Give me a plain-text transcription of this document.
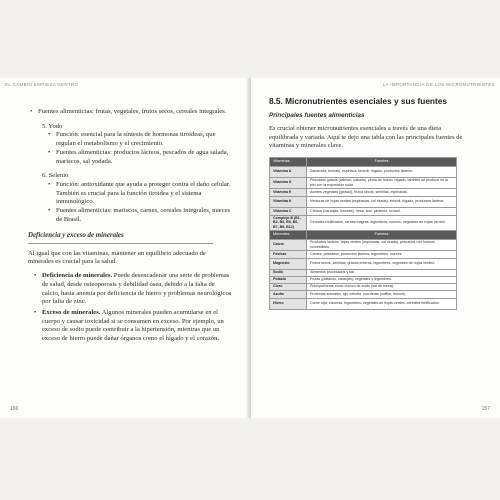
EL CAMBIO EMPIEZA DENTRO
• Fuentes alimenticias: frutas, vegetales, frutos secos, cereales integrales.

5. Yodo

• Función: esencial para la síntesis de hormonas tiroideas, que regulan el metabolismo y el crecimiento.
• Fuentes alimenticias: productos lácteos, pescados de agua salada, mariscos, sal yodada.

6. Selenio

• Función: antioxidante que ayuda a proteger contra el daño celular. También es crucial para la función tiroidea y el sistema inmunológico.
• Fuentes alimenticias: mariscos, carnes, cereales integrales, nueces de Brasil.

Deficiencia y exceso de minerales

Al igual que con las vitaminas, mantener un equilibrio adecuado de minerales es crucial para la salud.

• Deficiencia de minerales. Puede desencadenar una serie de problemas de salud, desde osteoporosis y debilidad ósea, debido a la falta de calcio, hasta anemia por deficiencia de hierro y problemas neurológicos por falta de zinc.
• Exceso de minerales. Algunos minerales pueden acumularse en el cuerpo y causar toxicidad si se consumen en exceso. Por ejemplo, un exceso de sodio puede contribuir a la hipertensión, mientras que un exceso de hierro puede dañar órganos como el hígado y el corazón.
156
LA IMPORTANCIA DE LOS MICRONUTRIENTES

8.5. Micronutrientes esenciales y sus fuentes

Principales fuentes alimenticias

Es crucial obtener micronutrientes esenciales a través de una dieta equilibrada y variada. Aquí te dejo una tabla con las principales fuentes de vitaminas y minerales clave.

Vitaminas	Fuentes
Vitamina A	Zanahoria, boniato, espinaca, brócoli, hígado, productos lácteos.
Vitamina D	Pescados grasos (salmón, caballa), yema de huevo, hígado, también se produce en la piel con la exposición solar.
Vitamina E	Aceites vegetales (girasol), frutos secos, semillas, espinacas.
Vitamina K	Verduras de hojas verdes (espinacas, col rizada), brócoli, hígado, productos lácteos.
Vitamina C	Cítricos (naranjas, limones), fresa, kiwi, pimiento, brócoli.
Complejo B (B1, B2, B3, B5, B6, B7, B9, B12)	Cereales fortificados, carnes magras, legumbres, nueces, vegetales de hojas verdes.
Minerales	Fuentes
Calcio	Productos lácteos, hojas verdes (espinacas, col rizada), pescados con huesos comestibles.
Fósforo	Carnes, pescados, productos lácteos, legumbres, nueces.
Magnesio	Frutos secos, semillas, granos enteros, legumbres, vegetales de hojas verdes.
Sodio	Alimentos procesados y sal.
Potasio	Frutas (plátanos, naranjas), vegetales y legumbres.
Cloro	Principalmente como cloruro de sodio (sal de mesa).
Azufre	Proteínas animales, ajo, cebolla, crucíferas (coliflor, brócoli).
Hierro	Carne roja, vísceras, legumbres, vegetales de hojas verdes, cereales fortificados.
157
